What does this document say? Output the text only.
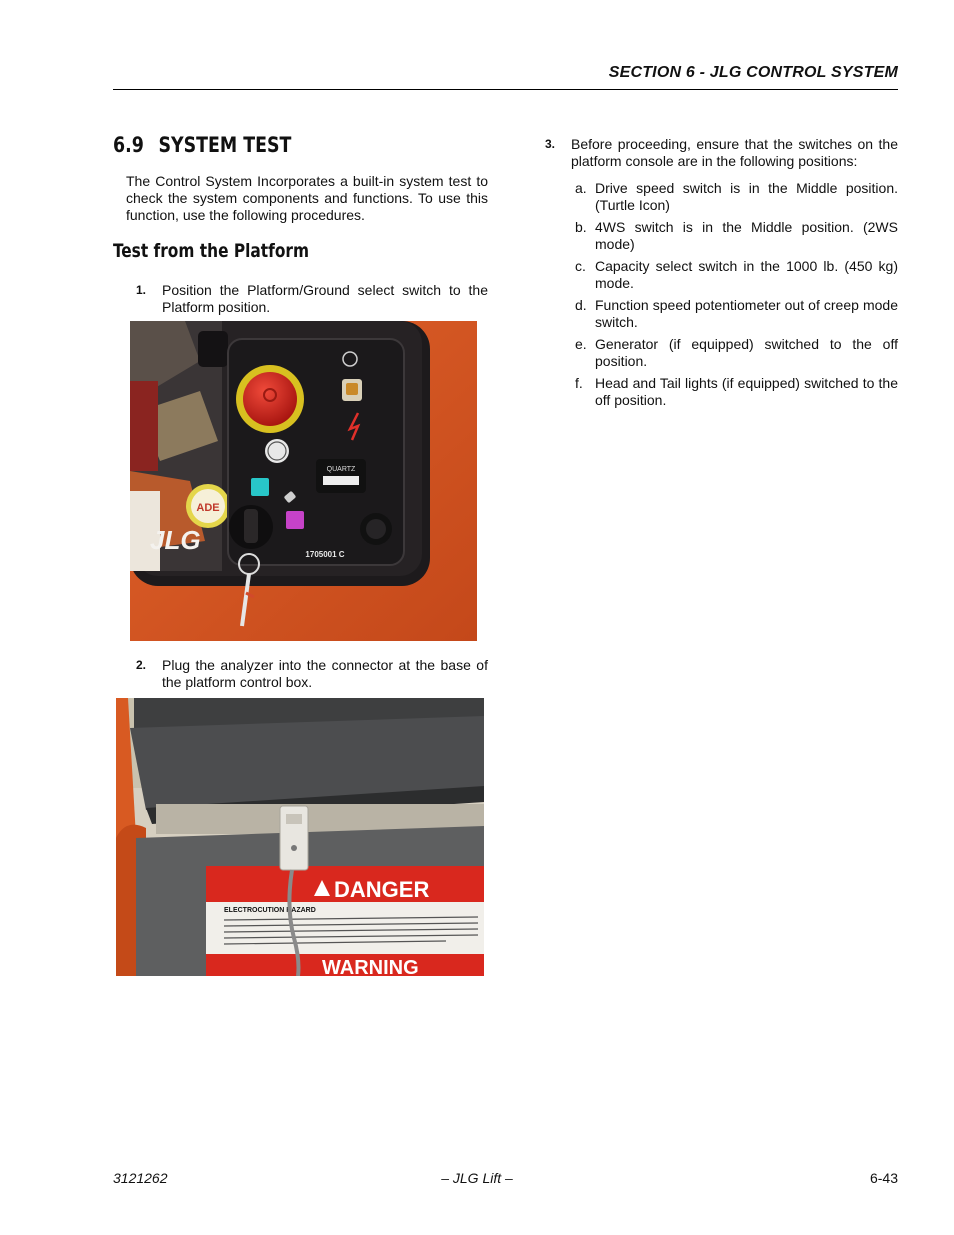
SECTION 6 - JLG CONTROL SYSTEM
6.9 SYSTEM TEST

The Control System Incorporates a built-in system test to check the system components and functions. To use this function, use the following procedures.

Test from the Platform
1. Position the Platform/Ground select switch to the Platform position.
ADE
JLG
QUARTZ
1705001 C
2. Plug the analyzer into the connector at the base of the platform control box.
DANGER
ELECTROCUTION HAZARD
WARNING
3. Before proceeding, ensure that the switches on the platform console are in the following positions:
a. Drive speed switch is in the Middle position. (Turtle Icon)
b. 4WS switch is in the Middle position. (2WS mode)
c. Capacity select switch in the 1000 lb. (450 kg) mode.
d. Function speed potentiometer out of creep mode switch.
e. Generator (if equipped) switched to the off position.
f. Head and Tail lights (if equipped) switched to the off position.
3121262	– JLG Lift –	6-43
